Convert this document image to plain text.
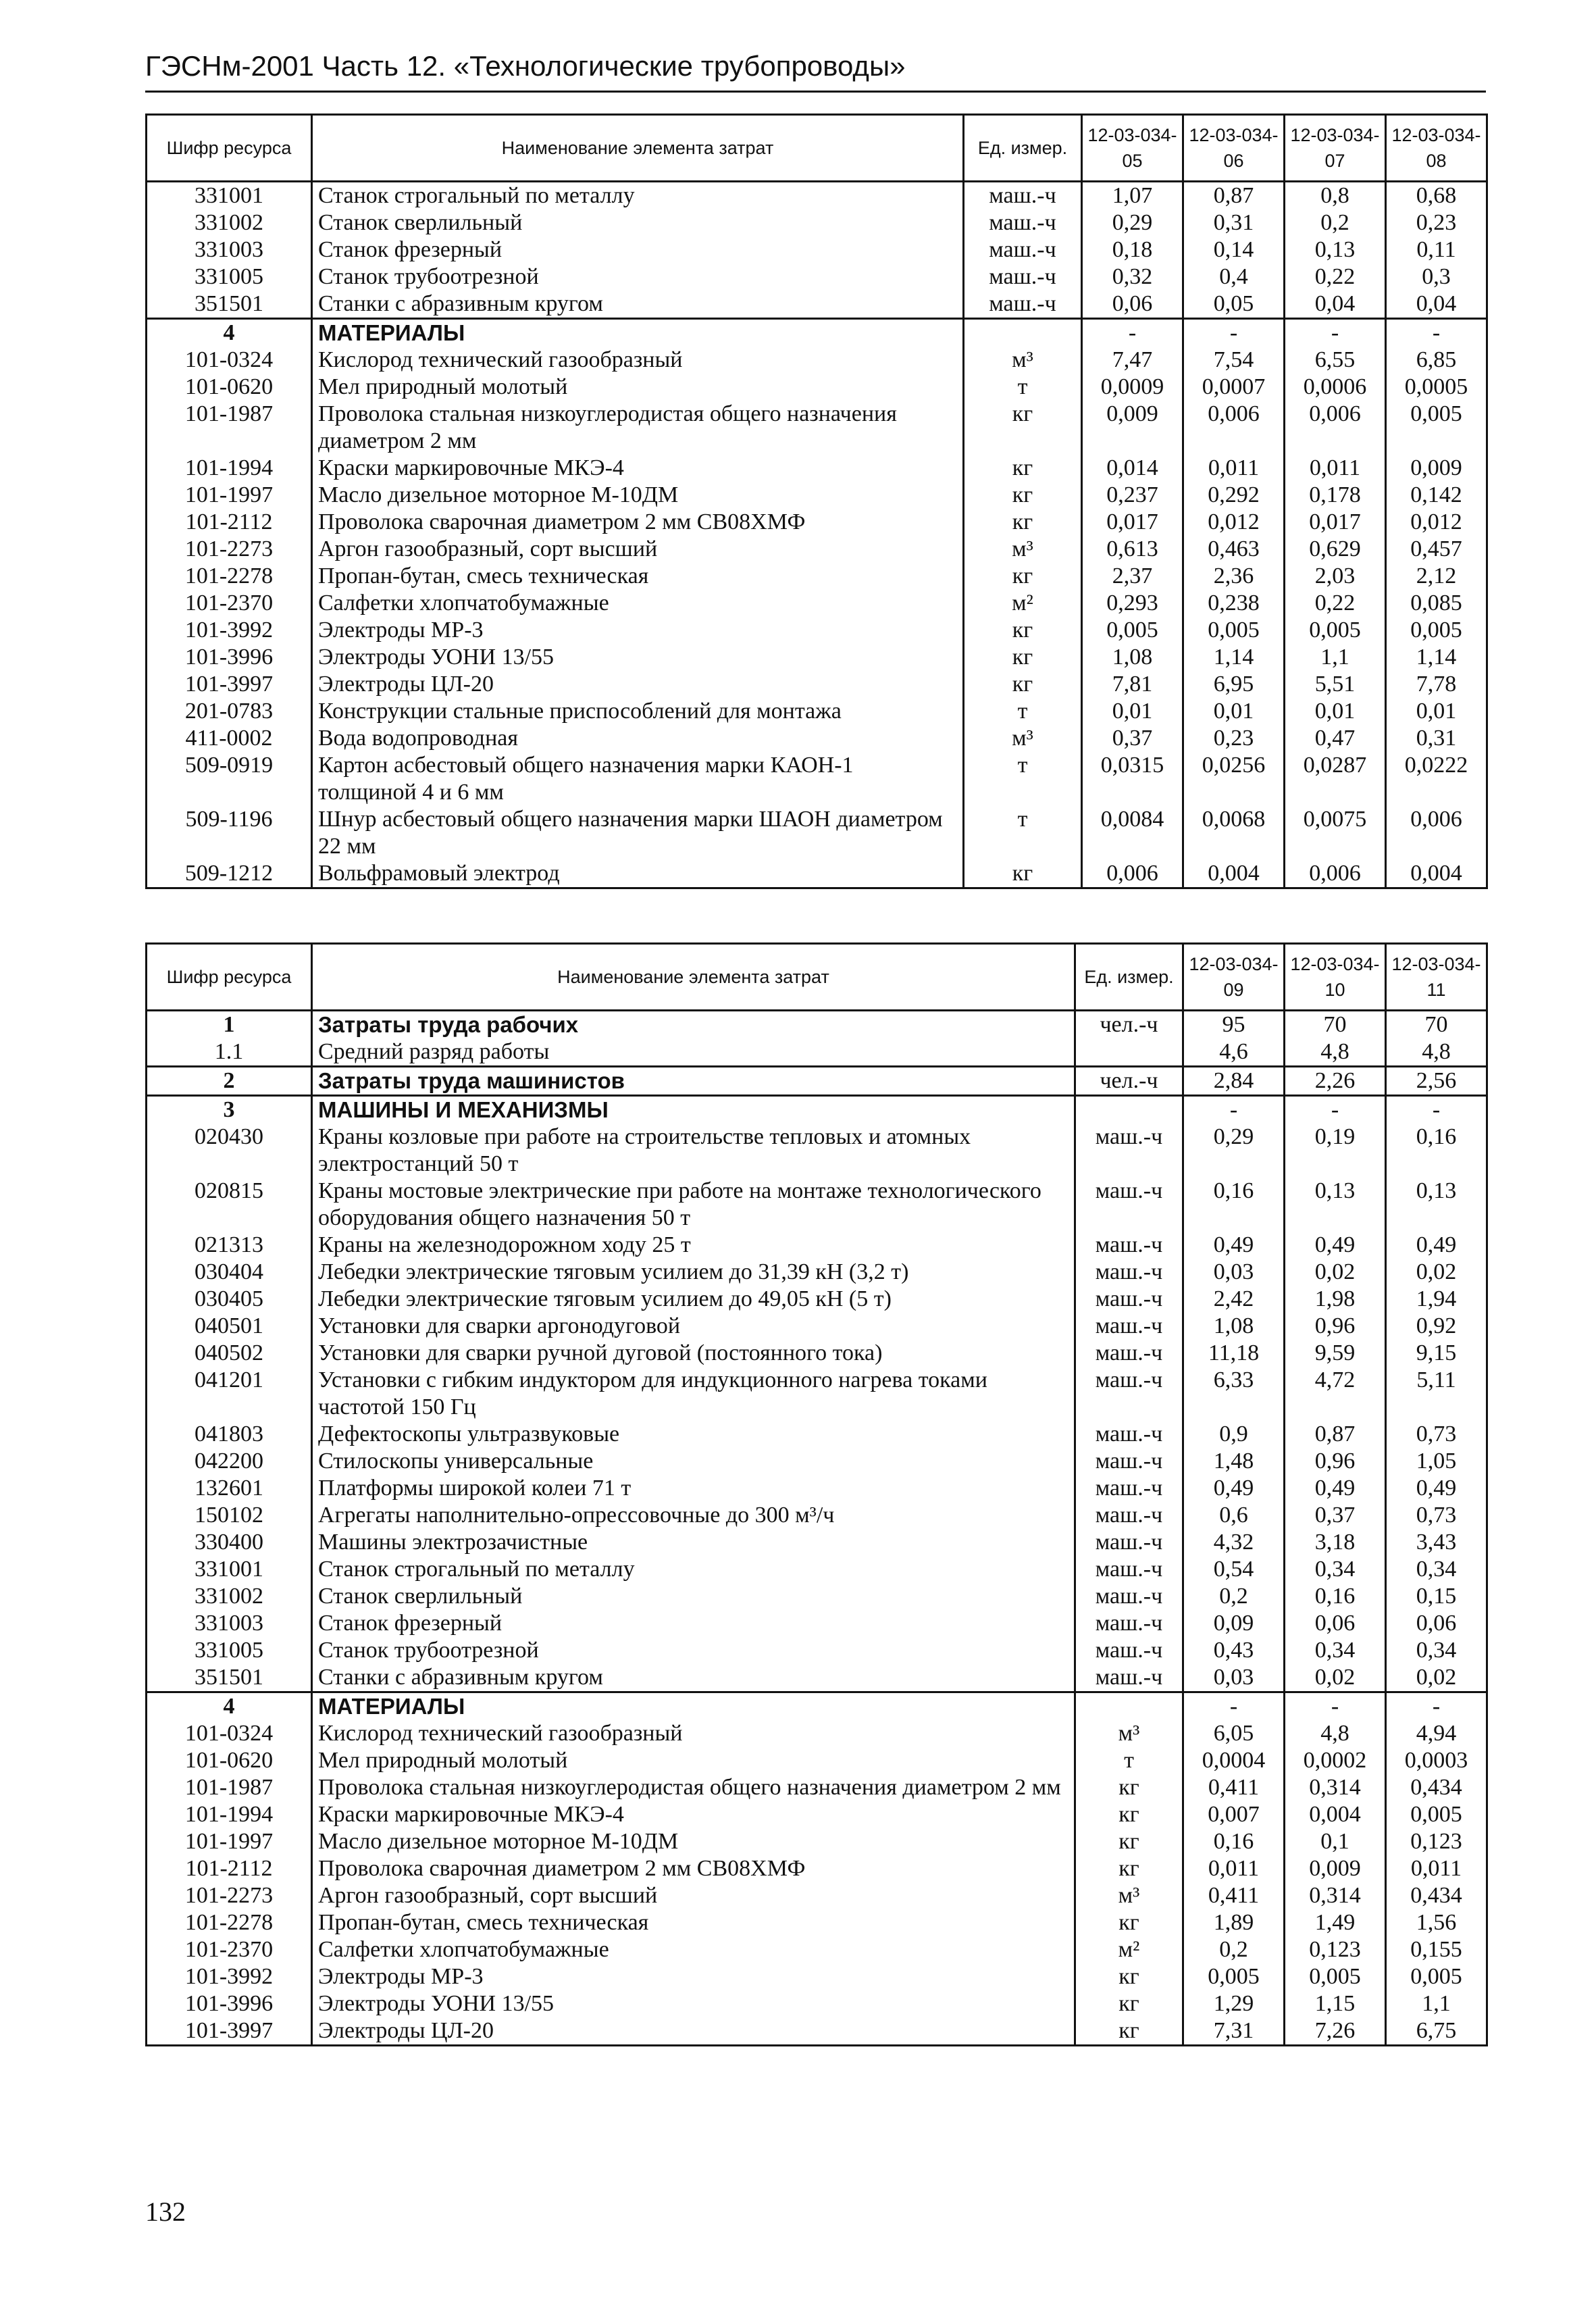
ГЭСНм-2001 Часть 12. «Технологические трубопроводы»
Шифр ресурса	Наименование элемента затрат	Ед. измер.	12-03-034-05	12-03-034-06	12-03-034-07	12-03-034-08
331001	Станок строгальный по металлу	маш.-ч	1,07	0,87	0,8	0,68
331002	Станок сверлильный	маш.-ч	0,29	0,31	0,2	0,23
331003	Станок фрезерный	маш.-ч	0,18	0,14	0,13	0,11
331005	Станок трубоотрезной	маш.-ч	0,32	0,4	0,22	0,3
351501	Станки с абразивным кругом	маш.-ч	0,06	0,05	0,04	0,04
4	МАТЕРИАЛЫ		-	-	-	-
101-0324	Кислород технический газообразный	м³	7,47	7,54	6,55	6,85
101-0620	Мел природный молотый	т	0,0009	0,0007	0,0006	0,0005
101-1987	Проволока стальная низкоуглеродистая общего назначения диаметром 2 мм	кг	0,009	0,006	0,006	0,005
101-1994	Краски маркировочные МКЭ-4	кг	0,014	0,011	0,011	0,009
101-1997	Масло дизельное моторное М-10ДМ	кг	0,237	0,292	0,178	0,142
101-2112	Проволока сварочная диаметром 2 мм СВ08ХМФ	кг	0,017	0,012	0,017	0,012
101-2273	Аргон газообразный, сорт высший	м³	0,613	0,463	0,629	0,457
101-2278	Пропан-бутан, смесь техническая	кг	2,37	2,36	2,03	2,12
101-2370	Салфетки хлопчатобумажные	м²	0,293	0,238	0,22	0,085
101-3992	Электроды МР-3	кг	0,005	0,005	0,005	0,005
101-3996	Электроды УОНИ 13/55	кг	1,08	1,14	1,1	1,14
101-3997	Электроды ЦЛ-20	кг	7,81	6,95	5,51	7,78
201-0783	Конструкции стальные приспособлений для монтажа	т	0,01	0,01	0,01	0,01
411-0002	Вода водопроводная	м³	0,37	0,23	0,47	0,31
509-0919	Картон асбестовый общего назначения марки КАОН-1 толщиной 4 и 6 мм	т	0,0315	0,0256	0,0287	0,0222
509-1196	Шнур асбестовый общего назначения марки ШАОН диаметром 22 мм	т	0,0084	0,0068	0,0075	0,006
509-1212	Вольфрамовый электрод	кг	0,006	0,004	0,006	0,004
Шифр ресурса	Наименование элемента затрат	Ед. измер.	12-03-034-09	12-03-034-10	12-03-034-11
1	Затраты труда рабочих	чел.-ч	95	70	70
1.1	Средний разряд работы		4,6	4,8	4,8
2	Затраты труда машинистов	чел.-ч	2,84	2,26	2,56
3	МАШИНЫ И МЕХАНИЗМЫ		-	-	-
020430	Краны козловые при работе на строительстве тепловых и атомных электростанций 50 т	маш.-ч	0,29	0,19	0,16
020815	Краны мостовые электрические при работе на монтаже технологического оборудования общего назначения 50 т	маш.-ч	0,16	0,13	0,13
021313	Краны на железнодорожном ходу 25 т	маш.-ч	0,49	0,49	0,49
030404	Лебедки электрические тяговым усилием до 31,39 кН (3,2 т)	маш.-ч	0,03	0,02	0,02
030405	Лебедки электрические тяговым усилием до 49,05 кН (5 т)	маш.-ч	2,42	1,98	1,94
040501	Установки для сварки аргонодуговой	маш.-ч	1,08	0,96	0,92
040502	Установки для сварки ручной дуговой (постоянного тока)	маш.-ч	11,18	9,59	9,15
041201	Установки с гибким индуктором для индукционного нагрева токами частотой 150 Гц	маш.-ч	6,33	4,72	5,11
041803	Дефектоскопы ультразвуковые	маш.-ч	0,9	0,87	0,73
042200	Стилоскопы универсальные	маш.-ч	1,48	0,96	1,05
132601	Платформы широкой колеи 71 т	маш.-ч	0,49	0,49	0,49
150102	Агрегаты наполнительно-опрессовочные до 300 м³/ч	маш.-ч	0,6	0,37	0,73
330400	Машины электрозачистные	маш.-ч	4,32	3,18	3,43
331001	Станок строгальный по металлу	маш.-ч	0,54	0,34	0,34
331002	Станок сверлильный	маш.-ч	0,2	0,16	0,15
331003	Станок фрезерный	маш.-ч	0,09	0,06	0,06
331005	Станок трубоотрезной	маш.-ч	0,43	0,34	0,34
351501	Станки с абразивным кругом	маш.-ч	0,03	0,02	0,02
4	МАТЕРИАЛЫ		-	-	-
101-0324	Кислород технический газообразный	м³	6,05	4,8	4,94
101-0620	Мел природный молотый	т	0,0004	0,0002	0,0003
101-1987	Проволока стальная низкоуглеродистая общего назначения диаметром 2 мм	кг	0,411	0,314	0,434
101-1994	Краски маркировочные МКЭ-4	кг	0,007	0,004	0,005
101-1997	Масло дизельное моторное М-10ДМ	кг	0,16	0,1	0,123
101-2112	Проволока сварочная диаметром 2 мм СВ08ХМФ	кг	0,011	0,009	0,011
101-2273	Аргон газообразный, сорт высший	м³	0,411	0,314	0,434
101-2278	Пропан-бутан, смесь техническая	кг	1,89	1,49	1,56
101-2370	Салфетки хлопчатобумажные	м²	0,2	0,123	0,155
101-3992	Электроды МР-3	кг	0,005	0,005	0,005
101-3996	Электроды УОНИ 13/55	кг	1,29	1,15	1,1
101-3997	Электроды ЦЛ-20	кг	7,31	7,26	6,75
132
